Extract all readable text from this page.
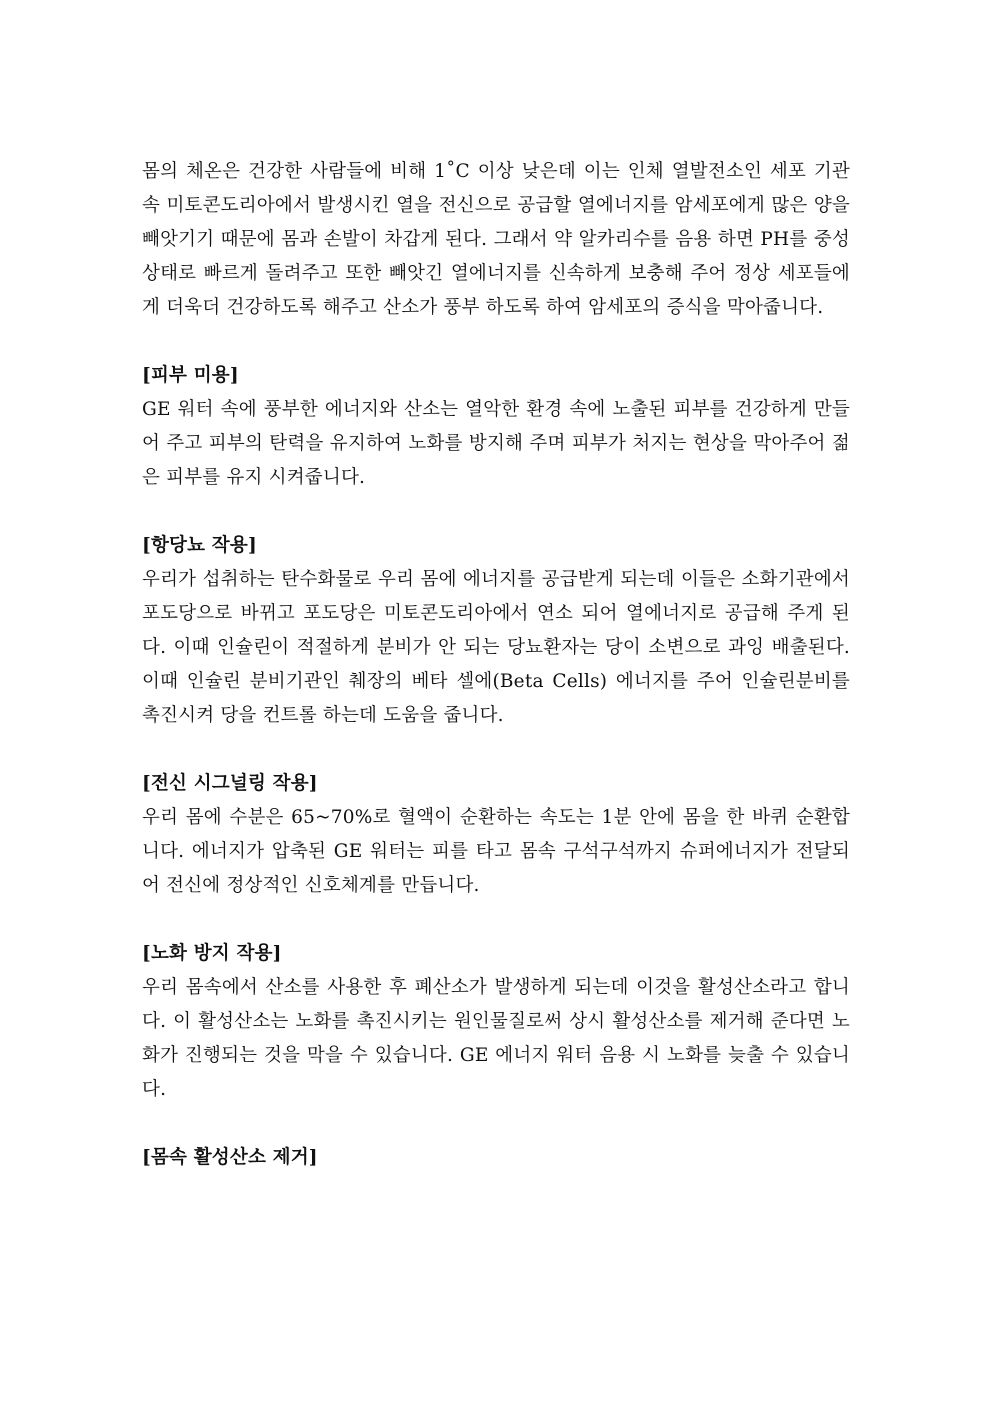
몸의 체온은 건강한 사람들에 비해 1˚C 이상 낮은데 이는 인체 열발전소인 세포 기관 속 미토콘도리아에서 발생시킨 열을 전신으로 공급할 열에너지를 암세포에게 많은 양을 빼앗기기 때문에 몸과 손발이 차갑게 된다. 그래서 약 알카리수를 음용 하면 PH를 중성 상태로 빠르게 돌려주고 또한 빼앗긴 열에너지를 신속하게 보충해 주어 정상 세포들에게 더욱더 건강하도록 해주고 산소가 풍부 하도록 하여 암세포의 증식을 막아줍니다.

[피부 미용]

GE 워터 속에 풍부한 에너지와 산소는 열악한 환경 속에 노출된 피부를 건강하게 만들어 주고 피부의 탄력을 유지하여 노화를 방지해 주며 피부가 처지는 현상을 막아주어 젊은 피부를 유지 시켜줍니다.

[항당뇨 작용]

우리가 섭취하는 탄수화물로 우리 몸에 에너지를 공급받게 되는데 이들은 소화기관에서 포도당으로 바뀌고 포도당은 미토콘도리아에서 연소 되어 열에너지로 공급해 주게 된다. 이때 인슐린이 적절하게 분비가 안 되는 당뇨환자는 당이 소변으로 과잉 배출된다. 이때 인슐린 분비기관인 췌장의 베타 셀에(Beta Cells) 에너지를 주어 인슐린분비를 촉진시켜 당을 컨트롤 하는데 도움을 줍니다.

[전신 시그널링 작용]

우리 몸에 수분은 65~70%로 혈액이 순환하는 속도는 1분 안에 몸을 한 바퀴 순환합니다. 에너지가 압축된 GE 워터는 피를 타고 몸속 구석구석까지 슈퍼에너지가 전달되어 전신에 정상적인 신호체계를 만듭니다.

[노화 방지 작용]

우리 몸속에서 산소를 사용한 후 폐산소가 발생하게 되는데 이것을 활성산소라고 합니다. 이 활성산소는 노화를 촉진시키는 원인물질로써 상시 활성산소를 제거해 준다면 노화가 진행되는 것을 막을 수 있습니다. GE 에너지 워터 음용 시 노화를 늦출 수 있습니다.

[몸속 활성산소 제거]
